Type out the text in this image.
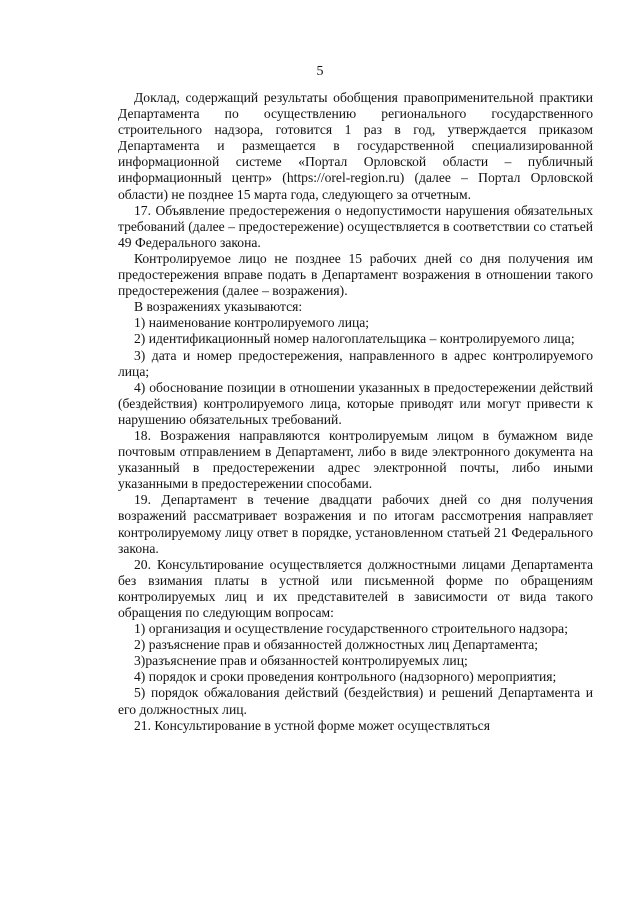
5

Доклад, содержащий результаты обобщения правоприменительной практики Департамента по осуществлению регионального государственного строительного надзора, готовится 1 раз в год, утверждается приказом Департамента и размещается в государственной специализированной информационной системе «Портал Орловской области – публичный информационный центр» (https://orel-region.ru) (далее – Портал Орловской области) не позднее 15 марта года, следующего за отчетным.

17. Объявление предостережения о недопустимости нарушения обязательных требований (далее – предостережение) осуществляется в соответствии со статьей 49 Федерального закона.

Контролируемое лицо не позднее 15 рабочих дней со дня получения им предостережения вправе подать в Департамент возражения в отношении такого предостережения (далее – возражения).

В возражениях указываются:

1) наименование контролируемого лица;

2) идентификационный номер налогоплательщика – контролируемого лица;

3) дата и номер предостережения, направленного в адрес контролируемого лица;

4) обоснование позиции в отношении указанных в предостережении действий (бездействия) контролируемого лица, которые приводят или могут привести к нарушению обязательных требований.

18. Возражения направляются контролируемым лицом в бумажном виде почтовым отправлением в Департамент, либо в виде электронного документа на указанный в предостережении адрес электронной почты, либо иными указанными в предостережении способами.

19. Департамент в течение двадцати рабочих дней со дня получения возражений рассматривает возражения и по итогам рассмотрения направляет контролируемому лицу ответ в порядке, установленном статьей 21 Федерального закона.

20. Консультирование осуществляется должностными лицами Департамента без взимания платы в устной или письменной форме по обращениям контролируемых лиц и их представителей в зависимости от вида такого обращения по следующим вопросам:

1) организация и осуществление государственного строительного надзора;

2) разъяснение прав и обязанностей должностных лиц Департамента;

3)разъяснение прав и обязанностей контролируемых лиц;

4) порядок и сроки проведения контрольного (надзорного) мероприятия;

5) порядок обжалования действий (бездействия) и решений Департамента и его должностных лиц.

21. Консультирование в устной форме может осуществляться
